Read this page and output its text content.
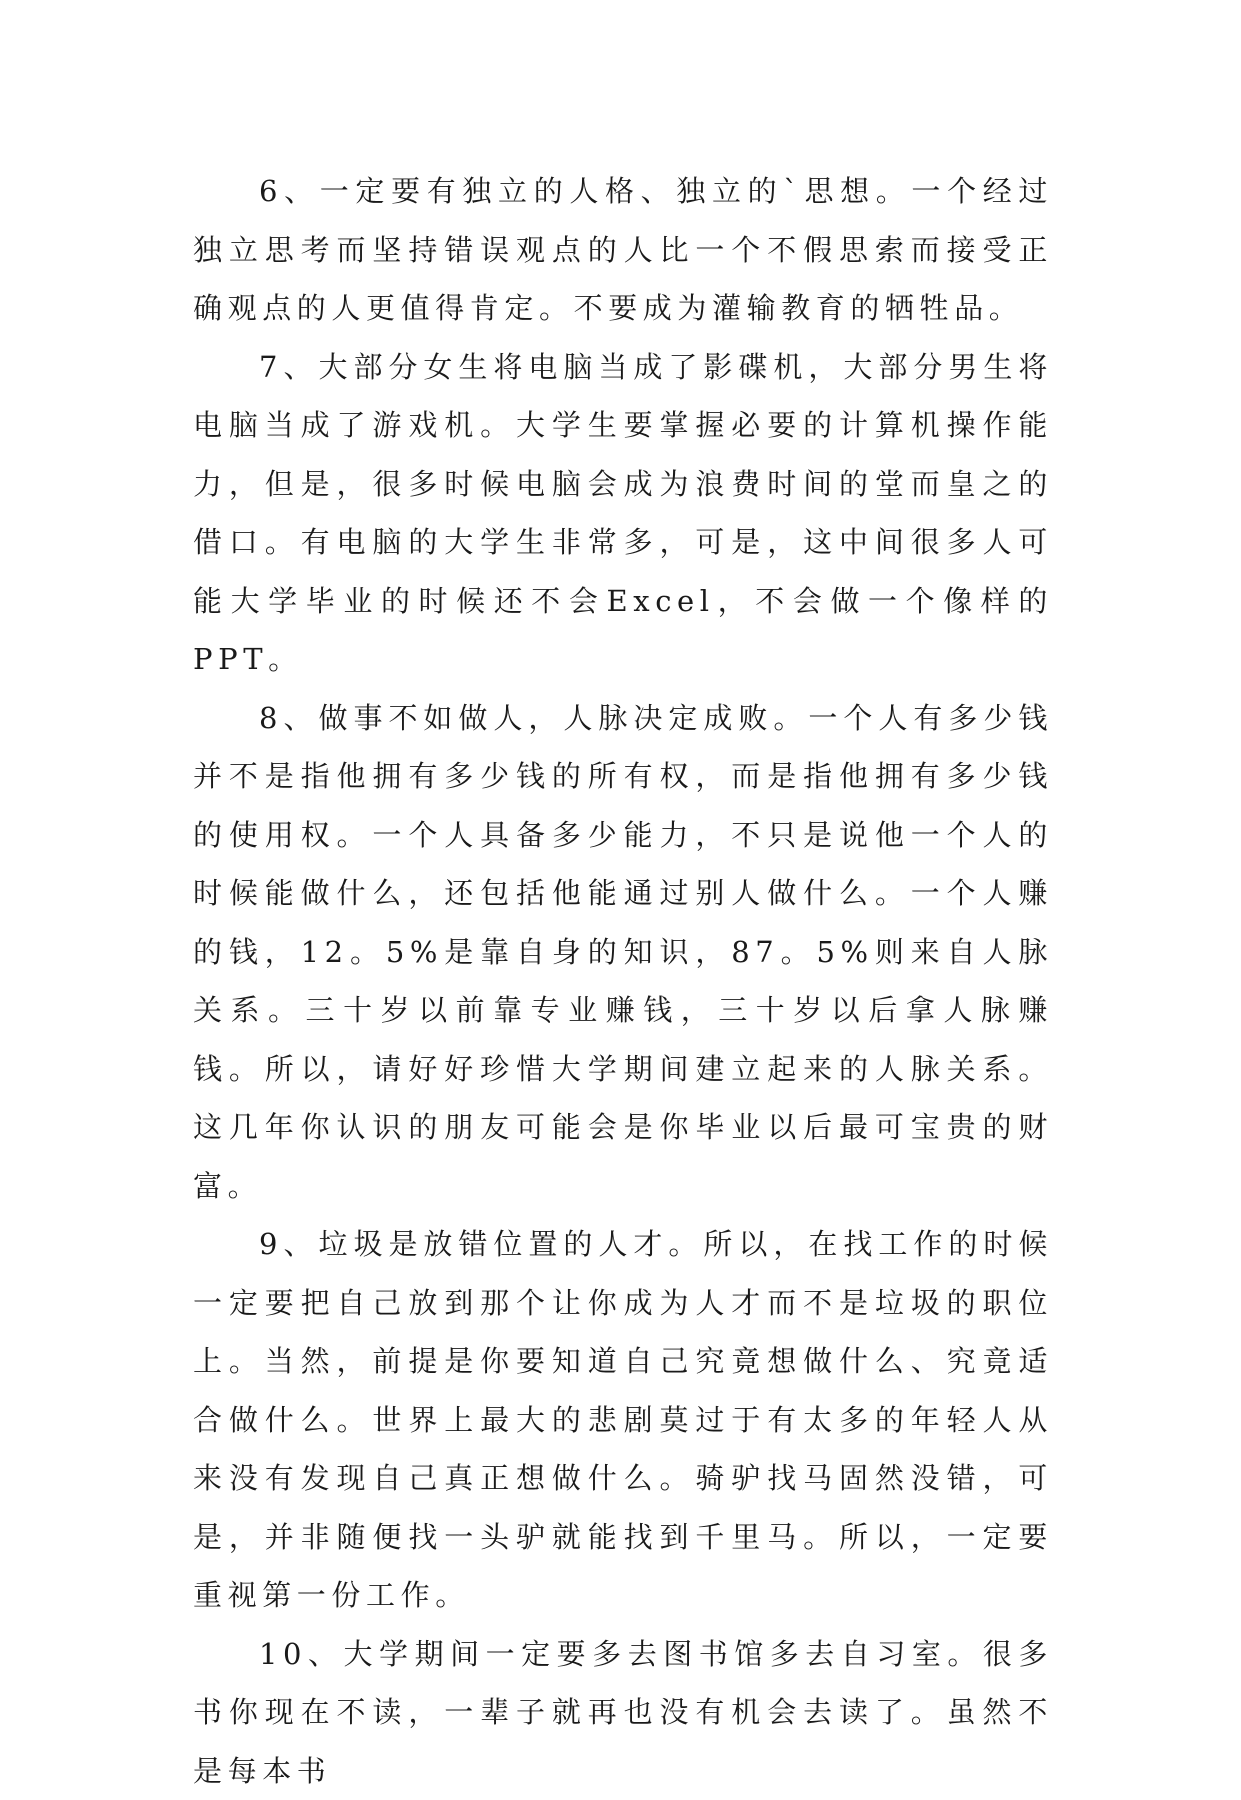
6、一定要有独立的人格、独立的`思想。一个经过独立思考而坚持错误观点的人比一个不假思索而接受正确观点的人更值得肯定。不要成为灌输教育的牺牲品。

7、大部分女生将电脑当成了影碟机，大部分男生将电脑当成了游戏机。大学生要掌握必要的计算机操作能力，但是，很多时候电脑会成为浪费时间的堂而皇之的借口。有电脑的大学生非常多，可是，这中间很多人可能大学毕业的时候还不会Excel，不会做一个像样的PPT。

8、做事不如做人，人脉决定成败。一个人有多少钱并不是指他拥有多少钱的所有权，而是指他拥有多少钱的使用权。一个人具备多少能力，不只是说他一个人的时候能做什么，还包括他能通过别人做什么。一个人赚的钱，12。5%是靠自身的知识，87。5%则来自人脉关系。三十岁以前靠专业赚钱，三十岁以后拿人脉赚钱。所以，请好好珍惜大学期间建立起来的人脉关系。这几年你认识的朋友可能会是你毕业以后最可宝贵的财富。

9、垃圾是放错位置的人才。所以，在找工作的时候一定要把自己放到那个让你成为人才而不是垃圾的职位上。当然，前提是你要知道自己究竟想做什么、究竟适合做什么。世界上最大的悲剧莫过于有太多的年轻人从来没有发现自己真正想做什么。骑驴找马固然没错，可是，并非随便找一头驴就能找到千里马。所以，一定要重视第一份工作。

10、大学期间一定要多去图书馆多去自习室。很多书你现在不读，一辈子就再也没有机会去读了。虽然不是每本书
